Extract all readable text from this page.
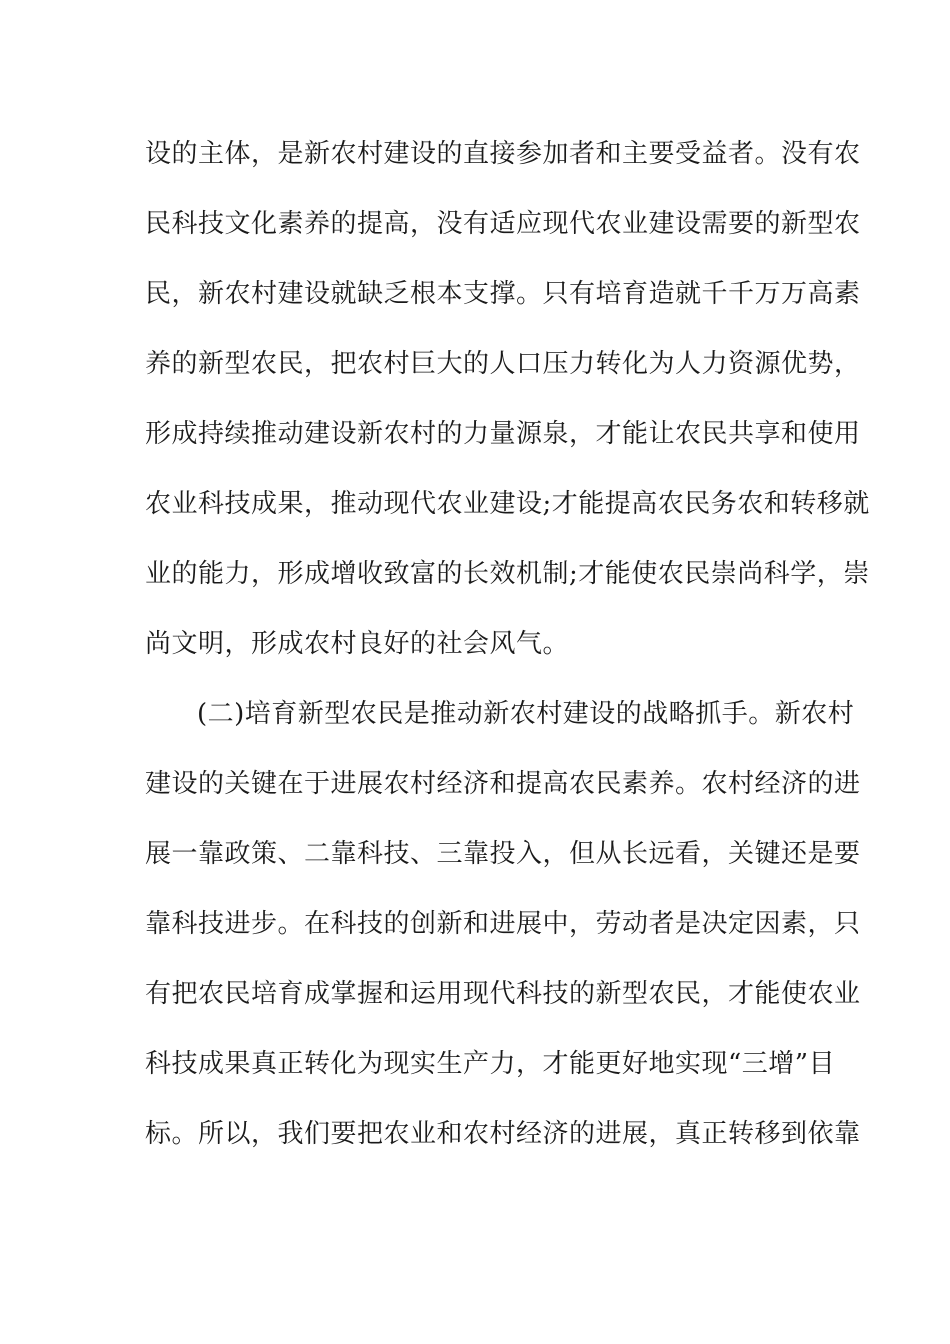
设的主体，是新农村建设的直接参加者和主要受益者。没有农
民科技文化素养的提高，没有适应现代农业建设需要的新型农
民，新农村建设就缺乏根本支撑。只有培育造就千千万万高素
养的新型农民，把农村巨大的人口压力转化为人力资源优势，
形成持续推动建设新农村的力量源泉，才能让农民共享和使用
农业科技成果，推动现代农业建设;才能提高农民务农和转移就
业的能力，形成增收致富的长效机制;才能使农民崇尚科学，崇
尚文明，形成农村良好的社会风气。
(二)培育新型农民是推动新农村建设的战略抓手。新农村
建设的关键在于进展农村经济和提高农民素养。农村经济的进
展一靠政策、二靠科技、三靠投入，但从长远看，关键还是要
靠科技进步。在科技的创新和进展中，劳动者是决定因素，只
有把农民培育成掌握和运用现代科技的新型农民，才能使农业
科技成果真正转化为现实生产力，才能更好地实现“三增”目
标。所以，我们要把农业和农村经济的进展，真正转移到依靠
